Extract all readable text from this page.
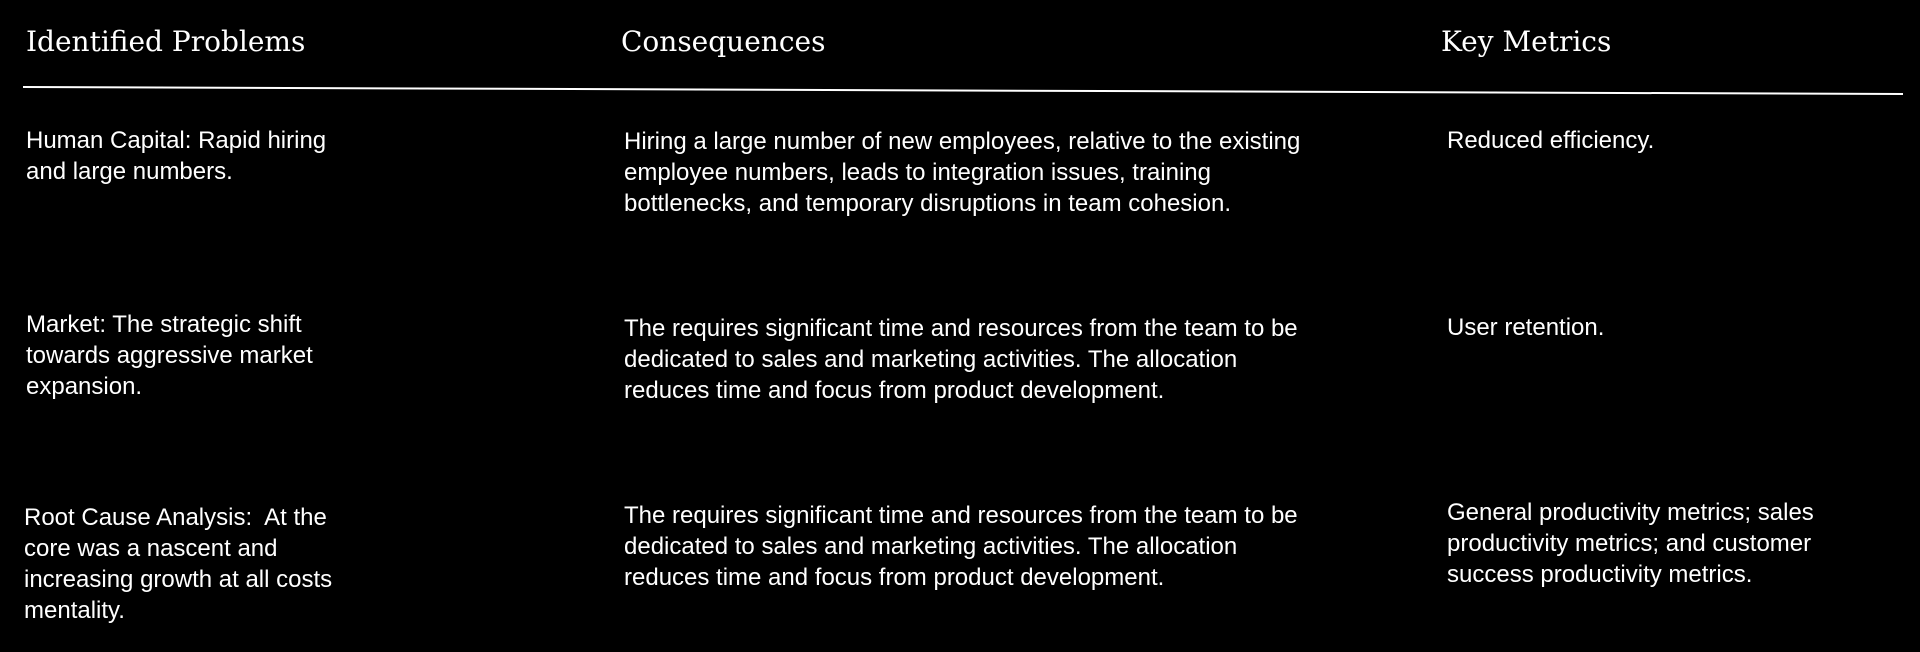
Identified Problems	Consequences	Key Metrics
Human Capital: Rapid hiring and large numbers.
Hiring a large number of new employees, relative to the existing employee numbers, leads to integration issues, training bottlenecks, and temporary disruptions in team cohesion.
Reduced efficiency.
Market: The strategic shift towards aggressive market expansion.
The requires significant time and resources from the team to be dedicated to sales and marketing activities. The allocation reduces time and focus from product development.
User retention.
Root Cause Analysis:  At the core was a nascent and increasing growth at all costs mentality.
The requires significant time and resources from the team to be dedicated to sales and marketing activities. The allocation reduces time and focus from product development.
General productivity metrics; sales productivity metrics; and customer success productivity metrics.
